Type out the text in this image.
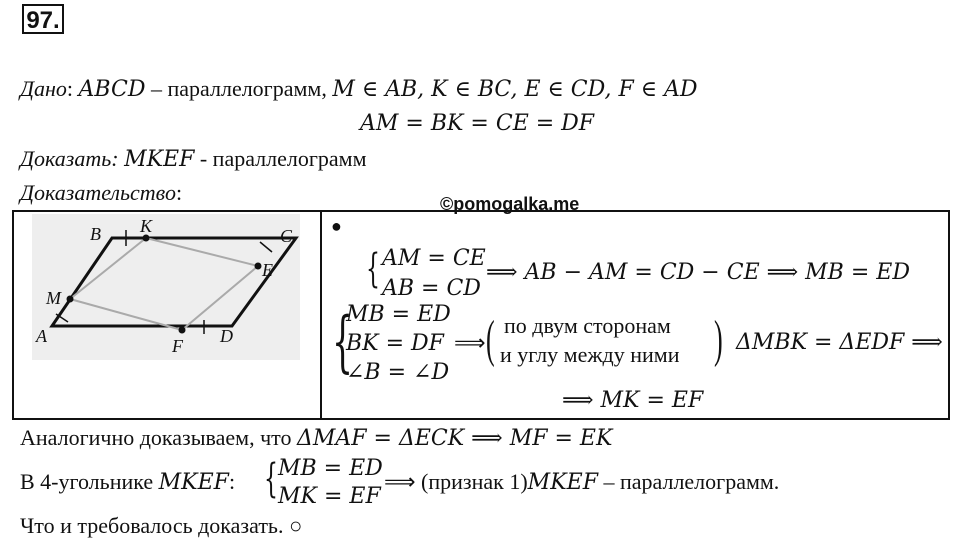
97.
Дано: ABCD – параллелограмм, M ∈ AB, K ∈ BC, E ∈ CD, F ∈ AD
AM = BK = CE = DF
Доказать: MKEF - параллелограмм
Доказательство:	©pomogalka.me
B K	C
E
M
A	F D
●
{ AM = CE
AB = CD
⟹ AB − AM = CD − CE ⟹ MB = ED
{
MB = ED
BK = DF
∠B = ∠D
⟹ ( по двум сторонам
и углу между ними ) ΔMBK = ΔEDF ⟹
⟹ MK = EF
Аналогично доказываем, что ΔMAF = ΔECK ⟹ MF = EK
В 4-угольнике MKEF: { MB = ED
MK = EF
⟹ (признак 1)MKEF – параллелограмм.
Что и требовалось доказать. ○
